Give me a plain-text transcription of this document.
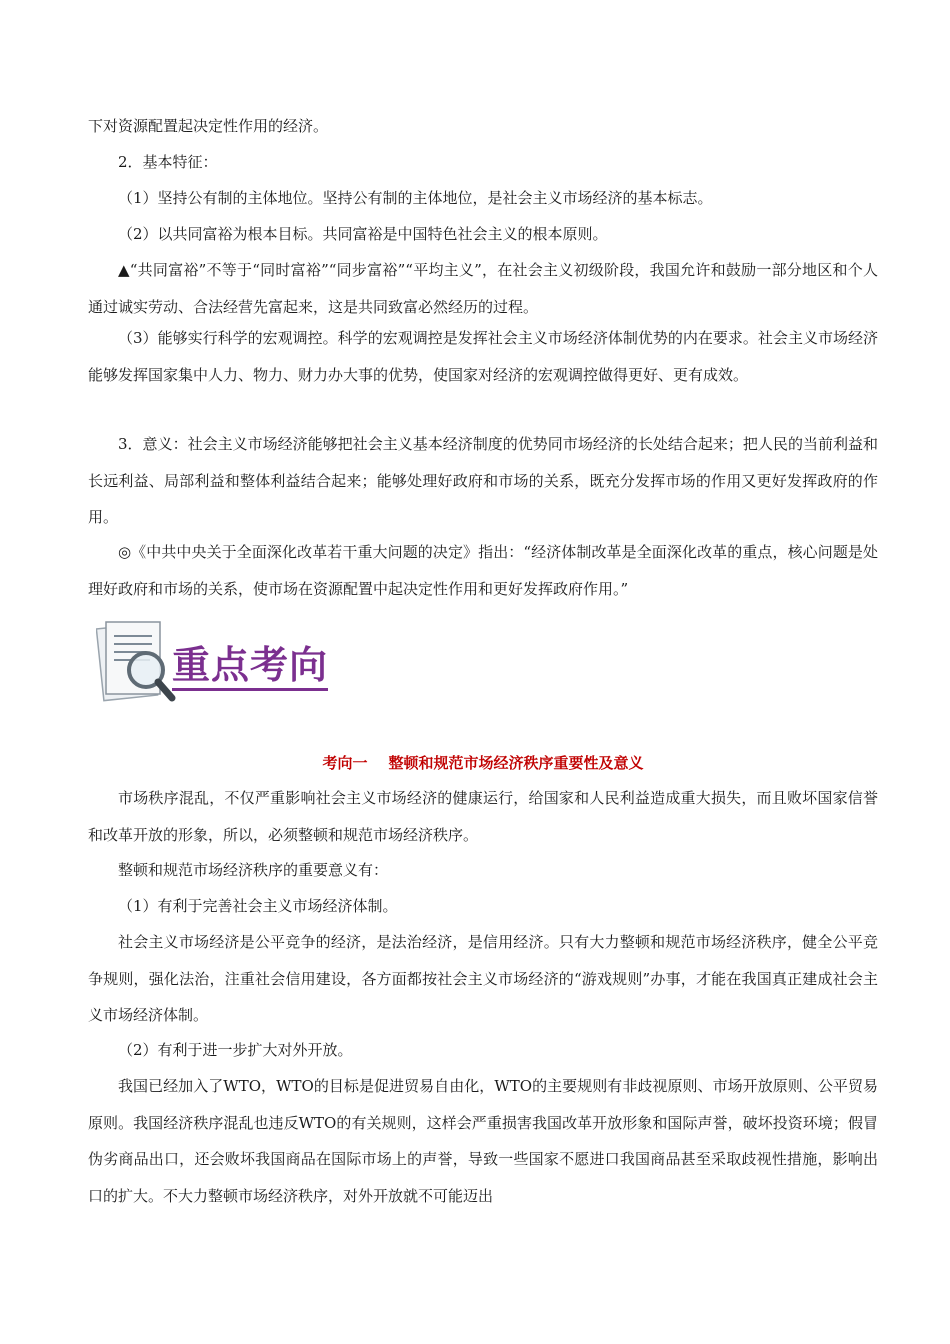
下对资源配置起决定性作用的经济。

2．基本特征：

（1）坚持公有制的主体地位。坚持公有制的主体地位，是社会主义市场经济的基本标志。

（2）以共同富裕为根本目标。共同富裕是中国特色社会主义的根本原则。

▲“共同富裕”不等于“同时富裕”“同步富裕”“平均主义”，在社会主义初级阶段，我国允许和鼓励一部分地区和个人通过诚实劳动、合法经营先富起来，这是共同致富必然经历的过程。

（3）能够实行科学的宏观调控。科学的宏观调控是发挥社会主义市场经济体制优势的内在要求。社会主义市场经济能够发挥国家集中人力、物力、财力办大事的优势，使国家对经济的宏观调控做得更好、更有成效。

3．意义：社会主义市场经济能够把社会主义基本经济制度的优势同市场经济的长处结合起来；把人民的当前利益和长远利益、局部利益和整体利益结合起来；能够处理好政府和市场的关系，既充分发挥市场的作用又更好发挥政府的作用。

◎《中共中央关于全面深化改革若干重大问题的决定》指出：“经济体制改革是全面深化改革的重点，核心问题是处理好政府和市场的关系，使市场在资源配置中起决定性作用和更好发挥政府作用。”

重点考向

考向一 整顿和规范市场经济秩序重要性及意义

市场秩序混乱，不仅严重影响社会主义市场经济的健康运行，给国家和人民利益造成重大损失，而且败坏国家信誉和改革开放的形象，所以，必须整顿和规范市场经济秩序。

整顿和规范市场经济秩序的重要意义有：

（1）有利于完善社会主义市场经济体制。

社会主义市场经济是公平竞争的经济，是法治经济，是信用经济。只有大力整顿和规范市场经济秩序，健全公平竞争规则，强化法治，注重社会信用建设，各方面都按社会主义市场经济的“游戏规则”办事，才能在我国真正建成社会主义市场经济体制。

（2）有利于进一步扩大对外开放。

我国已经加入了WTO，WTO的目标是促进贸易自由化，WTO的主要规则有非歧视原则、市场开放原则、公平贸易原则。我国经济秩序混乱也违反WTO的有关规则，这样会严重损害我国改革开放形象和国际声誉，破坏投资环境；假冒伪劣商品出口，还会败坏我国商品在国际市场上的声誉，导致一些国家不愿进口我国商品甚至采取歧视性措施，影响出口的扩大。不大力整顿市场经济秩序，对外开放就不可能迈出
